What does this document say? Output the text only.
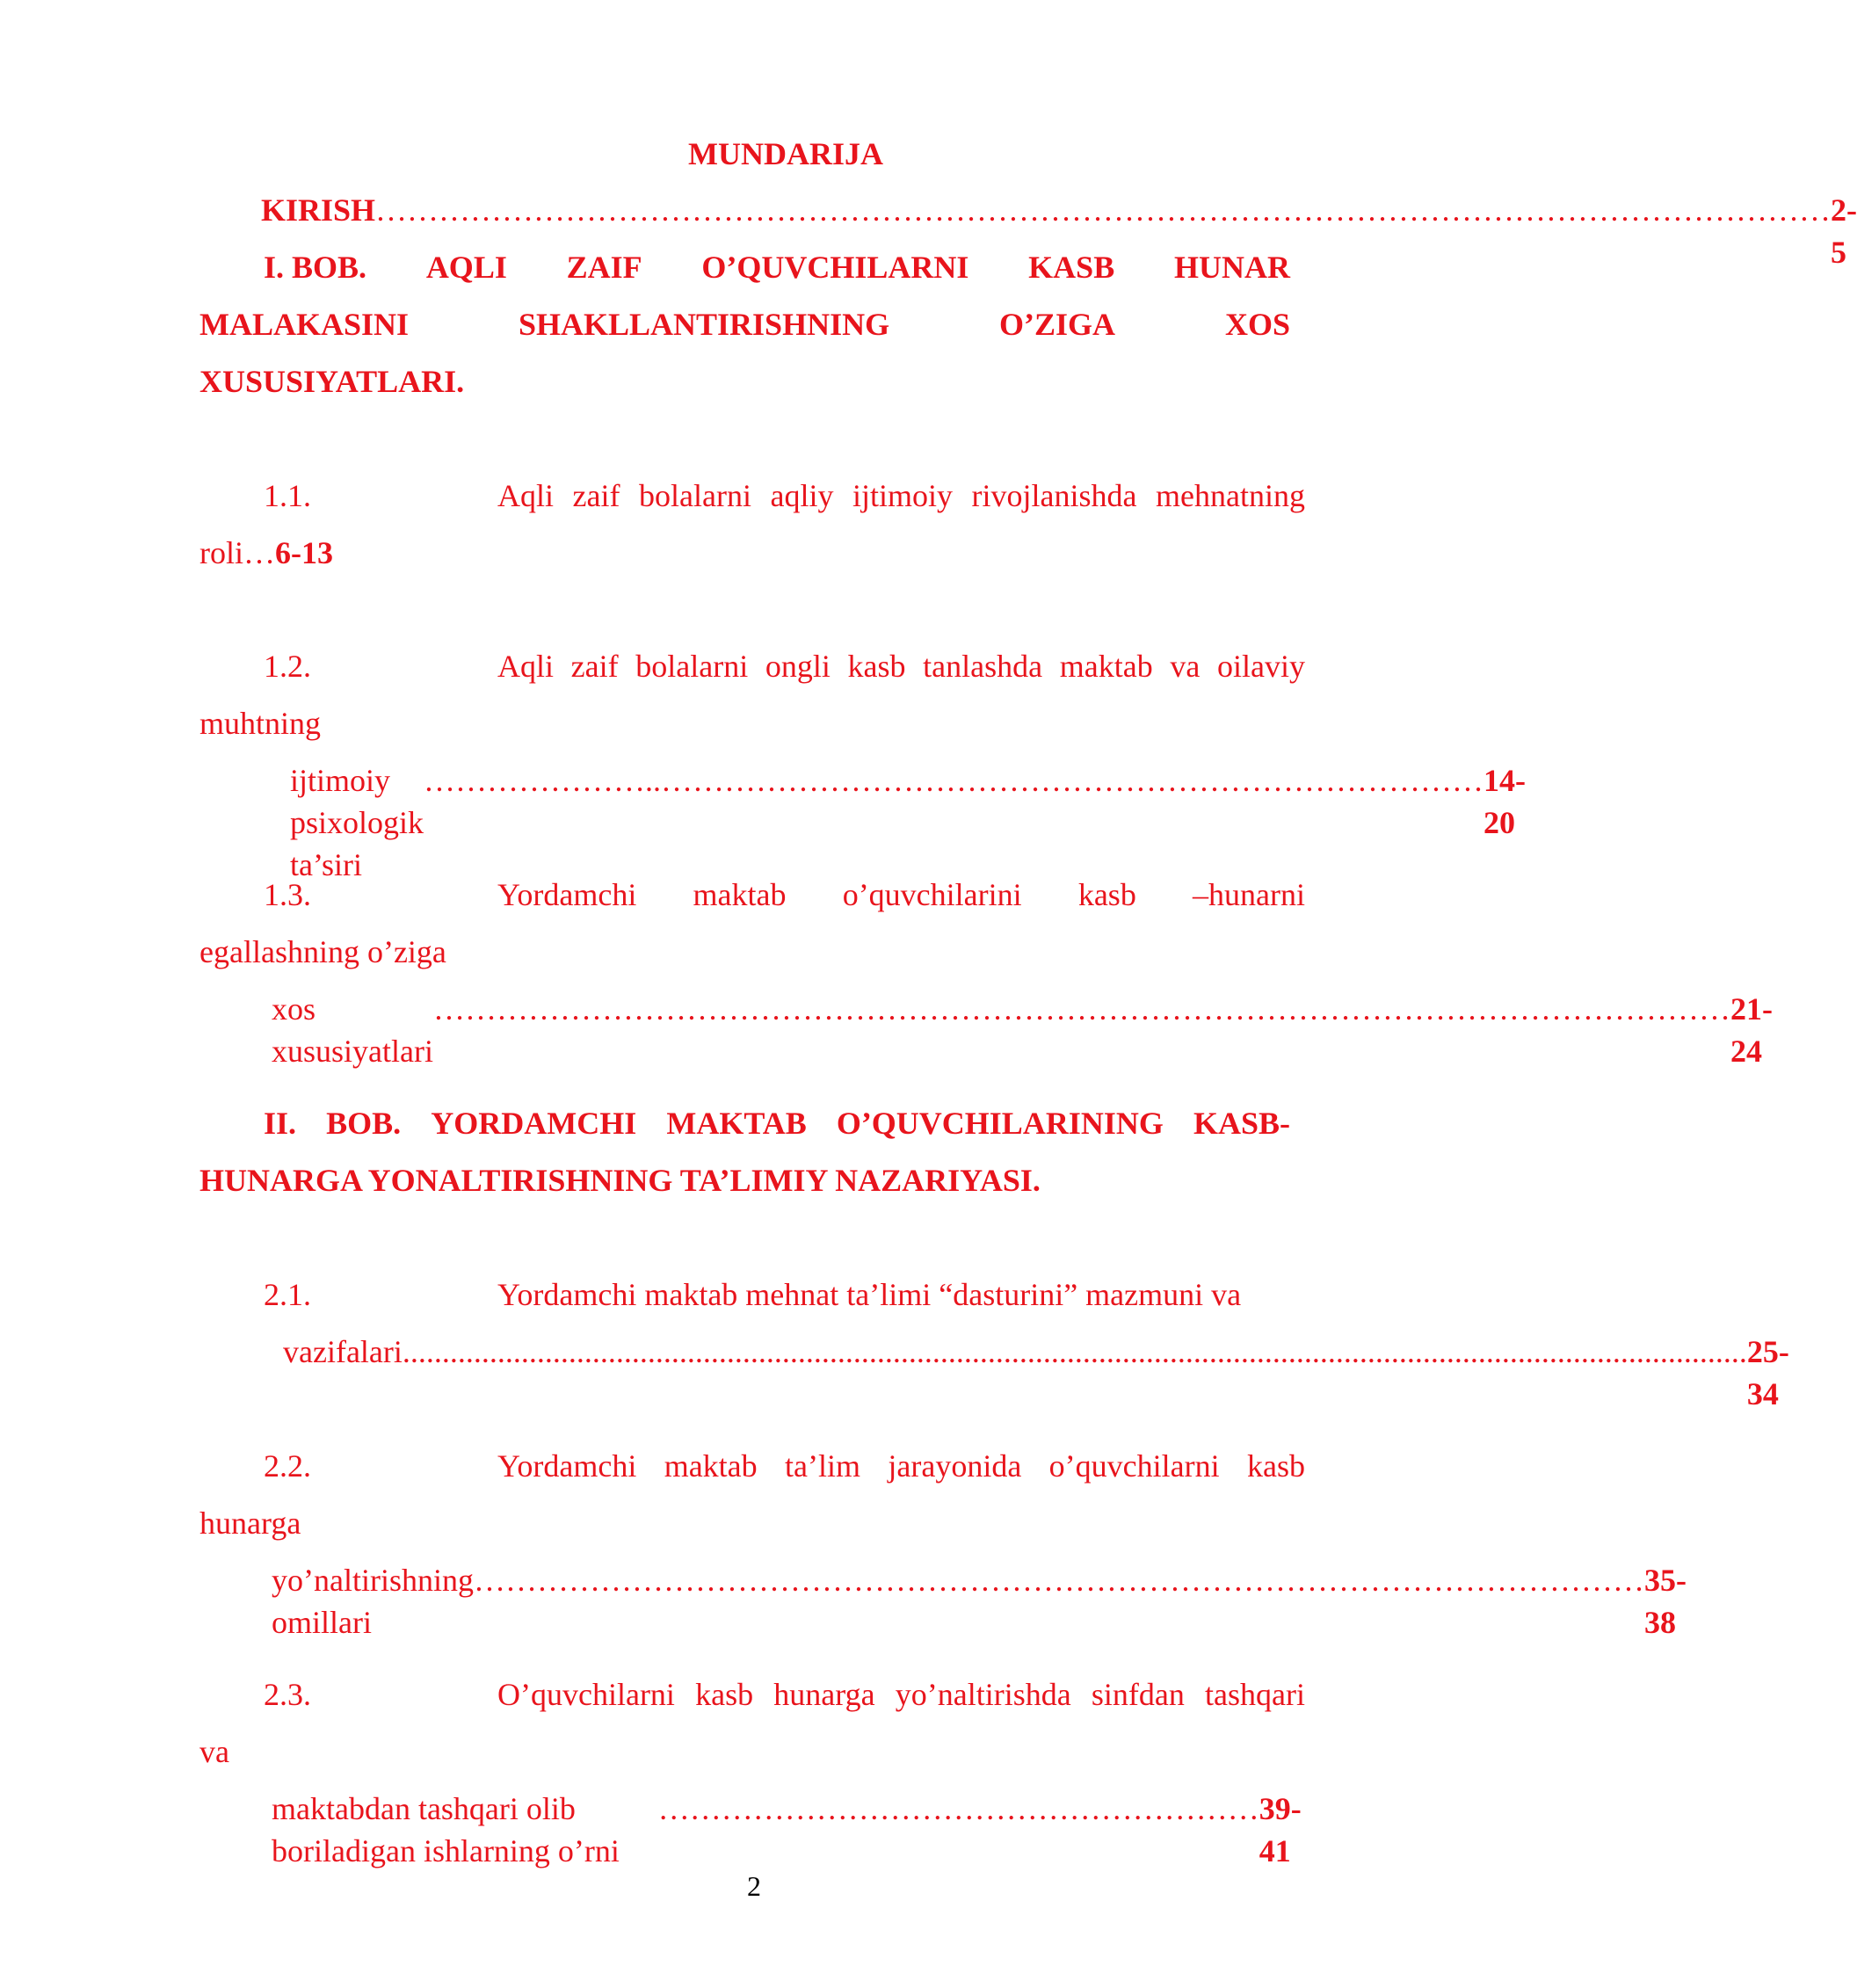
MUNDARIJA
KIRISH ………………………………………………………………………………………………………………………… 2-5
I. BOB. AQLI ZAIF O’QUVCHILARNI KASB HUNAR
MALAKASINI	SHAKLLANTIRISHNING	O’ZIGA	XOS
XUSUSIYATLARI.
1.1.	Aqli zaif bolalarni aqliy ijtimoiy rivojlanishda mehnatning
roli…6-13
1.2.	Aqli zaif bolalarni ongli kasb tanlashda maktab va oilaviy
muhtning
ijtimoiy psixologik ta’siri
…………………..…………………………………………………………………… 14-20
1.3.	Yordamchi maktab o’quvchilarini kasb –hunarni
egallashning o’ziga
xos xususiyatlari
…………………………………………………………………………………………………………… 21-24
II. BOB. YORDAMCHI MAKTAB O’QUVCHILARINING KASB-
HUNARGA YONALTIRISHNING TA’LIMIY NAZARIYASI.
2.1.	Yordamchi maktab mehnat ta’limi “dasturini” mazmuni va
vazifalari .......................................................................................................................................................................... 25-34
2.2.	Yordamchi maktab ta’lim jarayonida o’quvchilarni kasb
hunarga
yo’naltirishning omillari
………………………………………………………………………………………………… 35-38
2.3.	O’quvchilarni kasb hunarga yo’naltirishda sinfdan tashqari
va
maktabdan tashqari olib boriladigan ishlarning o’rni
………………………………………………… 39-41
2
